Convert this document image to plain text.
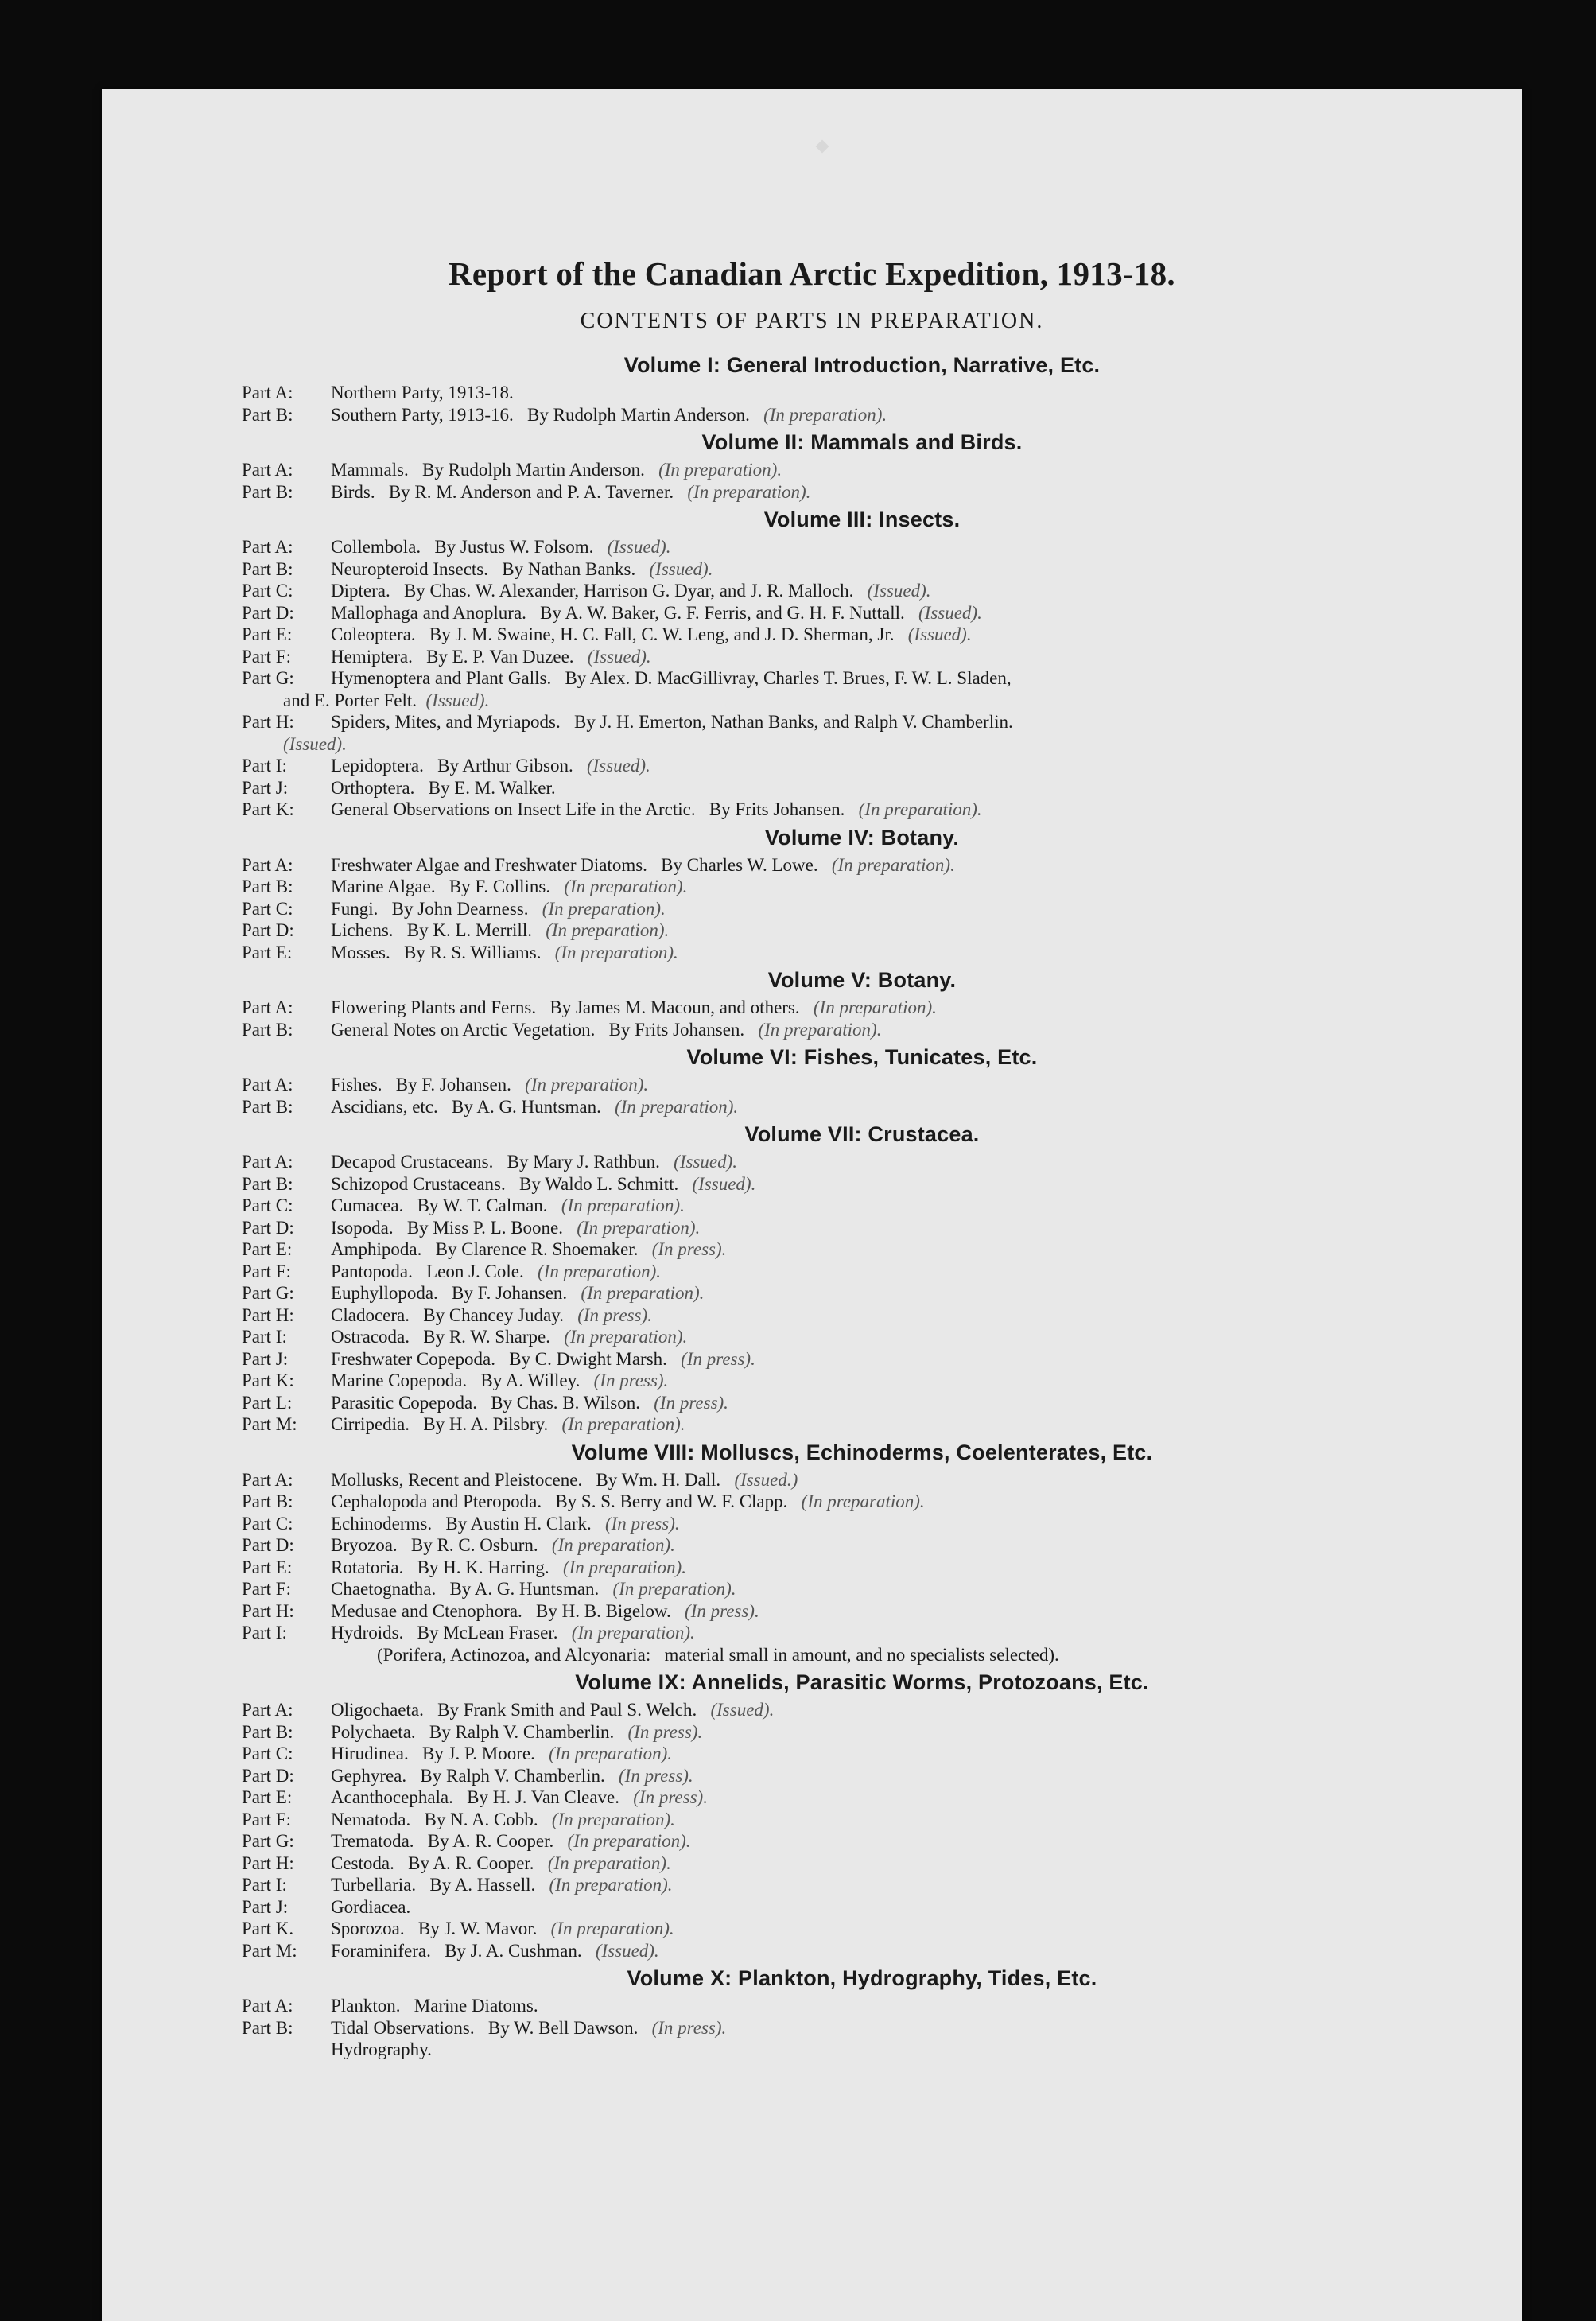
Report of the Canadian Arctic Expedition, 1913-18.
CONTENTS OF PARTS IN PREPARATION.
Volume I: General Introduction, Narrative, Etc.
Part A: Northern Party, 1913-18.
Part B: Southern Party, 1913-16.   By Rudolph Martin Anderson. (In preparation).
Volume II: Mammals and Birds.
Part A: Mammals.   By Rudolph Martin Anderson. (In preparation).
Part B: Birds.   By R. M. Anderson and P. A. Taverner. (In preparation).
Volume III: Insects.
Part A: Collembola.   By Justus W. Folsom. (Issued).
Part B: Neuropteroid Insects.   By Nathan Banks. (Issued).
Part C: Diptera.   By Chas. W. Alexander, Harrison G. Dyar, and J. R. Malloch. (Issued).
Part D: Mallophaga and Anoplura.   By A. W. Baker, G. F. Ferris, and G. H. F. Nuttall. (Issued).
Part E: Coleoptera.   By J. M. Swaine, H. C. Fall, C. W. Leng, and J. D. Sherman, Jr. (Issued).
Part F: Hemiptera.   By E. P. Van Duzee. (Issued).
Part G: Hymenoptera and Plant Galls.   By Alex. D. MacGillivray, Charles T. Brues, F. W. L. Sladen,
and E. Porter Felt. (Issued).
Part H: Spiders, Mites, and Myriapods.   By J. H. Emerton, Nathan Banks, and Ralph V. Chamberlin.
(Issued).
Part I: Lepidoptera.   By Arthur Gibson. (Issued).
Part J: Orthoptera.   By E. M. Walker.
Part K: General Observations on Insect Life in the Arctic.   By Frits Johansen. (In preparation).
Volume IV: Botany.
Part A: Freshwater Algae and Freshwater Diatoms.   By Charles W. Lowe. (In preparation).
Part B: Marine Algae.   By F. Collins. (In preparation).
Part C: Fungi.   By John Dearness. (In preparation).
Part D: Lichens.   By K. L. Merrill. (In preparation).
Part E: Mosses.   By R. S. Williams. (In preparation).
Volume V: Botany.
Part A: Flowering Plants and Ferns.   By James M. Macoun, and others. (In preparation).
Part B: General Notes on Arctic Vegetation.   By Frits Johansen. (In preparation).
Volume VI: Fishes, Tunicates, Etc.
Part A: Fishes.   By F. Johansen. (In preparation).
Part B: Ascidians, etc.   By A. G. Huntsman. (In preparation).
Volume VII: Crustacea.
Part A: Decapod Crustaceans.   By Mary J. Rathbun. (Issued).
Part B: Schizopod Crustaceans.   By Waldo L. Schmitt. (Issued).
Part C: Cumacea.   By W. T. Calman. (In preparation).
Part D: Isopoda.   By Miss P. L. Boone. (In preparation).
Part E: Amphipoda.   By Clarence R. Shoemaker. (In press).
Part F: Pantopoda.   Leon J. Cole. (In preparation).
Part G: Euphyllopoda.   By F. Johansen. (In preparation).
Part H: Cladocera.   By Chancey Juday. (In press).
Part I: Ostracoda.   By R. W. Sharpe. (In preparation).
Part J: Freshwater Copepoda.   By C. Dwight Marsh. (In press).
Part K: Marine Copepoda.   By A. Willey. (In press).
Part L: Parasitic Copepoda.   By Chas. B. Wilson. (In press).
Part M: Cirripedia.   By H. A. Pilsbry. (In preparation).
Volume VIII: Molluscs, Echinoderms, Coelenterates, Etc.
Part A: Mollusks, Recent and Pleistocene.   By Wm. H. Dall. (Issued.)
Part B: Cephalopoda and Pteropoda.   By S. S. Berry and W. F. Clapp. (In preparation).
Part C: Echinoderms.   By Austin H. Clark. (In press).
Part D: Bryozoa.   By R. C. Osburn. (In preparation).
Part E: Rotatoria.   By H. K. Harring. (In preparation).
Part F: Chaetognatha.   By A. G. Huntsman. (In preparation).
Part H: Medusae and Ctenophora.   By H. B. Bigelow. (In press).
Part I: Hydroids.   By McLean Fraser. (In preparation).
(Porifera, Actinozoa, and Alcyonaria:   material small in amount, and no specialists selected).
Volume IX: Annelids, Parasitic Worms, Protozoans, Etc.
Part A: Oligochaeta.   By Frank Smith and Paul S. Welch. (Issued).
Part B: Polychaeta.   By Ralph V. Chamberlin. (In press).
Part C: Hirudinea.   By J. P. Moore. (In preparation).
Part D: Gephyrea.   By Ralph V. Chamberlin. (In press).
Part E: Acanthocephala.   By H. J. Van Cleave. (In press).
Part F: Nematoda.   By N. A. Cobb. (In preparation).
Part G: Trematoda.   By A. R. Cooper. (In preparation).
Part H: Cestoda.   By A. R. Cooper. (In preparation).
Part I: Turbellaria.   By A. Hassell. (In preparation).
Part J: Gordiacea.
Part K. Sporozoa.   By J. W. Mavor. (In preparation).
Part M: Foraminifera.   By J. A. Cushman. (Issued).
Volume X: Plankton, Hydrography, Tides, Etc.
Part A: Plankton.   Marine Diatoms.
Part B: Tidal Observations.   By W. Bell Dawson. (In press).
Hydrography.
